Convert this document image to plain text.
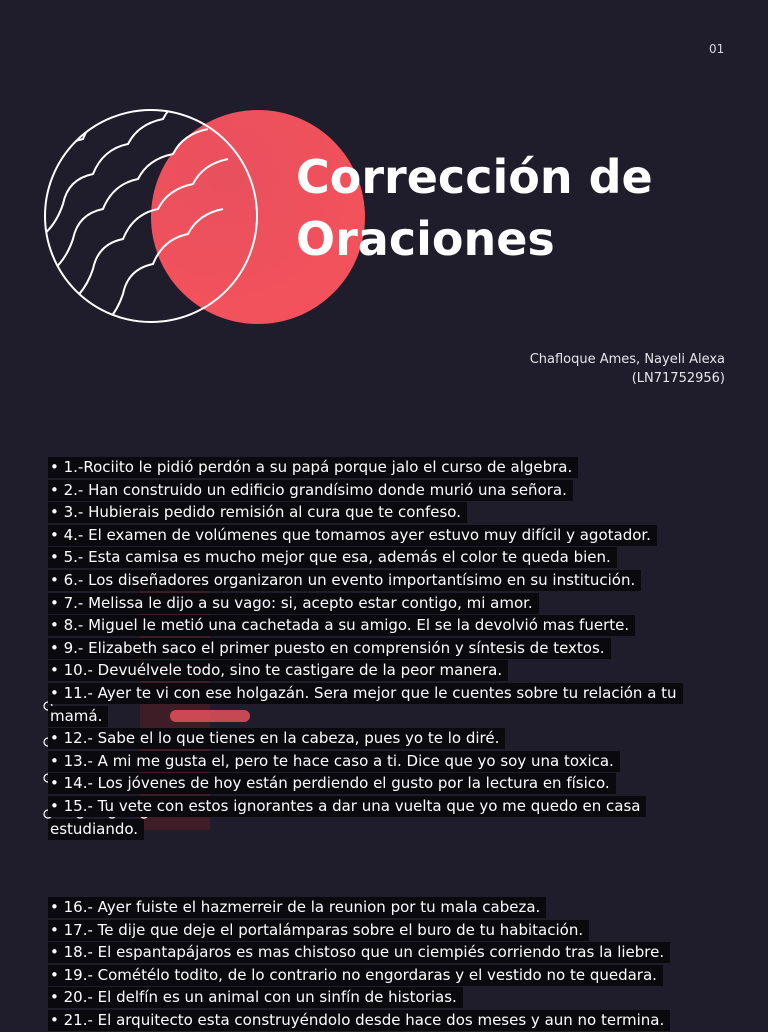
01
Corrección de
Oraciones
Chafloque Ames, Nayeli Alexa
(LN71752956)
• 1.-Rociito le pidió perdón a su papá porque jalo el curso de algebra.
• 2.- Han construido un edificio grandísimo donde murió una señora.
• 3.- Hubierais pedido remisión al cura que te confeso.
• 4.- El examen de volúmenes que tomamos ayer estuvo muy difícil y agotador.
• 5.- Esta camisa es mucho mejor que esa, además el color te queda bien.
• 6.- Los diseñadores organizaron un evento importantísimo en su institución.
• 7.- Melissa le dijo a su vago: si, acepto estar contigo, mi amor.
• 8.- Miguel le metió una cachetada a su amigo. El se la devolvió mas fuerte.
• 9.- Elizabeth saco el primer puesto en comprensión y síntesis de textos.
• 10.- Devuélvele todo, sino te castigare de la peor manera.
• 11.- Ayer te vi con ese holgazán. Sera mejor que le cuentes sobre tu relación a tu mamá.
• 12.- Sabe el lo que tienes en la cabeza, pues yo te lo diré.
• 13.- A mi me gusta el, pero te hace caso a ti. Dice que yo soy una toxica.
• 14.- Los jóvenes de hoy están perdiendo el gusto por la lectura en físico.
• 15.- Tu vete con estos ignorantes a dar una vuelta que yo me quedo en casa estudiando.
• 16.- Ayer fuiste el hazmerreir de la reunion por tu mala cabeza.
• 17.- Te dije que deje el portalámparas sobre el buro de tu habitación.
• 18.- El espantapájaros es mas chistoso que un ciempiés corriendo tras la liebre.
• 19.- Cométélo todito, de lo contrario no engordaras y el vestido no te quedara.
• 20.- El delfín es un animal con un sinfín de historias.
• 21.- El arquitecto esta construyéndolo desde hace dos meses y aun no termina.
